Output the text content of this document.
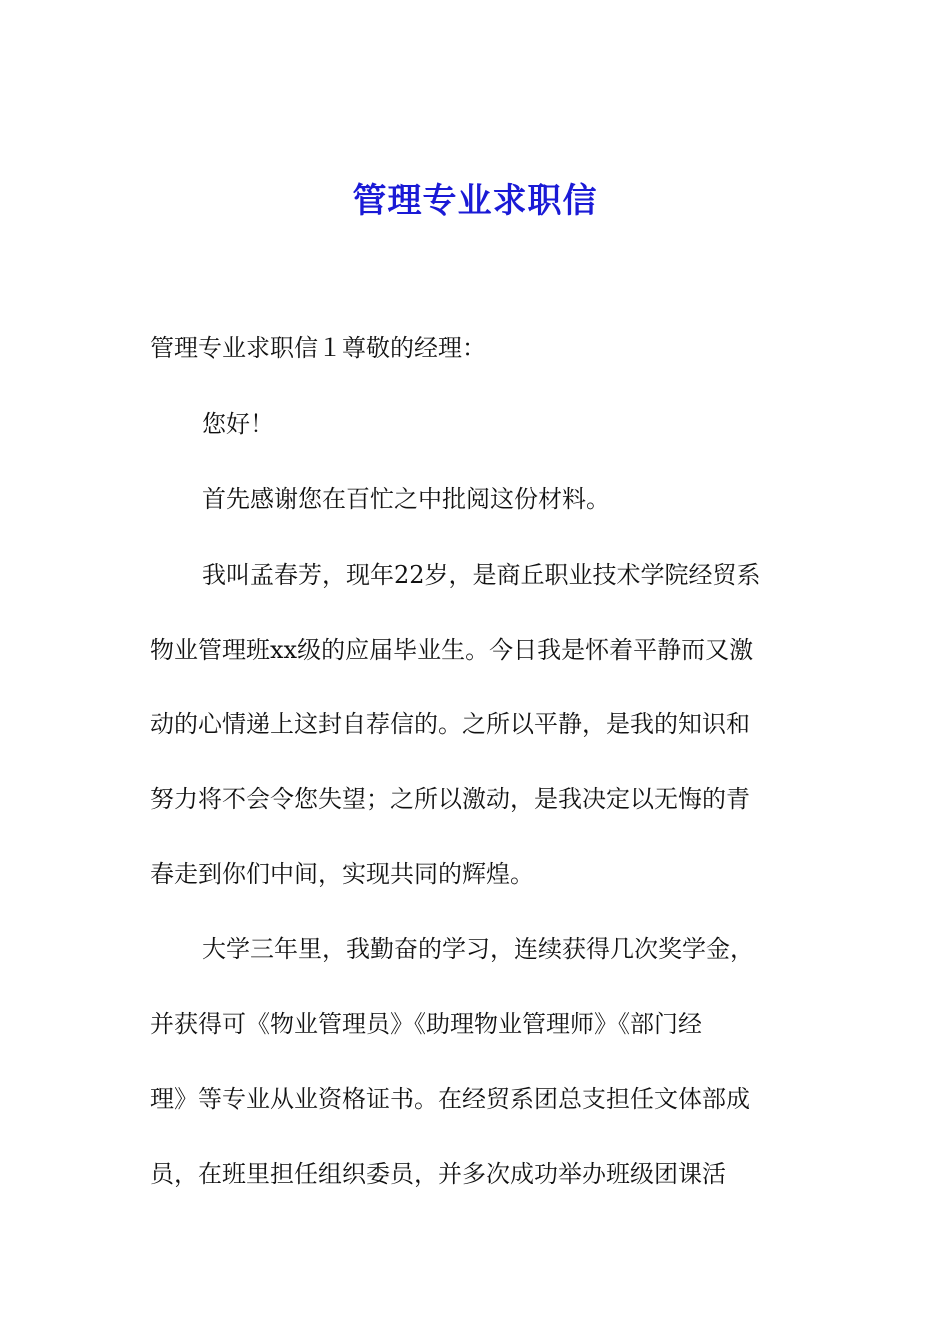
管理专业求职信

管理专业求职信１尊敬的经理：

您好！

首先感谢您在百忙之中批阅这份材料。

我叫孟春芳，现年22岁，是商丘职业技术学院经贸系

物业管理班xx级的应届毕业生。今日我是怀着平静而又激

动的心情递上这封自荐信的。之所以平静，是我的知识和

努力将不会令您失望；之所以激动，是我决定以无悔的青

春走到你们中间，实现共同的辉煌。

大学三年里，我勤奋的学习，连续获得几次奖学金，

并获得可《物业管理员》《助理物业管理师》《部门经

理》等专业从业资格证书。在经贸系团总支担任文体部成

员，在班里担任组织委员，并多次成功举办班级团课活
